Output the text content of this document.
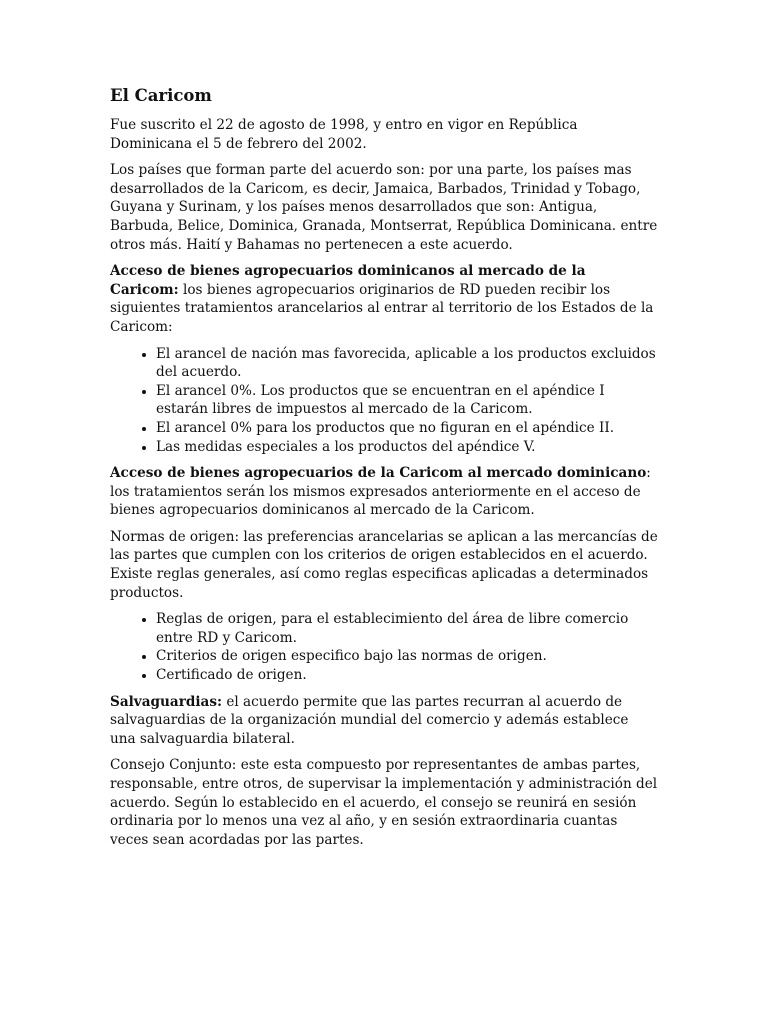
El Caricom

Fue suscrito el 22 de agosto de 1998, y entro en vigor en República Dominicana el 5 de febrero del 2002.

Los países que forman parte del acuerdo son: por una parte, los países mas desarrollados de la Caricom, es decir, Jamaica, Barbados, Trinidad y Tobago, Guyana y Surinam, y los países menos desarrollados que son: Antigua, Barbuda, Belice, Dominica, Granada, Montserrat, República Dominicana. entre otros más. Haití y Bahamas no pertenecen a este acuerdo.

Acceso de bienes agropecuarios dominicanos al mercado de la Caricom: los bienes agropecuarios originarios de RD pueden recibir los siguientes tratamientos arancelarios al entrar al territorio de los Estados de la Caricom:

• El arancel de nación mas favorecida, aplicable a los productos excluidos del acuerdo.
• El arancel 0%. Los productos que se encuentran en el apéndice I estarán libres de impuestos al mercado de la Caricom.
• El arancel 0% para los productos que no figuran en el apéndice II.
• Las medidas especiales a los productos del apéndice V.

Acceso de bienes agropecuarios de la Caricom al mercado dominicano: los tratamientos serán los mismos expresados anteriormente en el acceso de bienes agropecuarios dominicanos al mercado de la Caricom.

Normas de origen: las preferencias arancelarias se aplican a las mercancías de las partes que cumplen con los criterios de origen establecidos en el acuerdo. Existe reglas generales, así como reglas especificas aplicadas a determinados productos.

• Reglas de origen, para el establecimiento del área de libre comercio entre RD y Caricom.
• Criterios de origen especifico bajo las normas de origen.
• Certificado de origen.

Salvaguardias: el acuerdo permite que las partes recurran al acuerdo de salvaguardias de la organización mundial del comercio y además establece una salvaguardia bilateral.

Consejo Conjunto: este esta compuesto por representantes de ambas partes, responsable, entre otros, de supervisar la implementación y administración del acuerdo. Según lo establecido en el acuerdo, el consejo se reunirá en sesión ordinaria por lo menos una vez al año, y en sesión extraordinaria cuantas veces sean acordadas por las partes.
